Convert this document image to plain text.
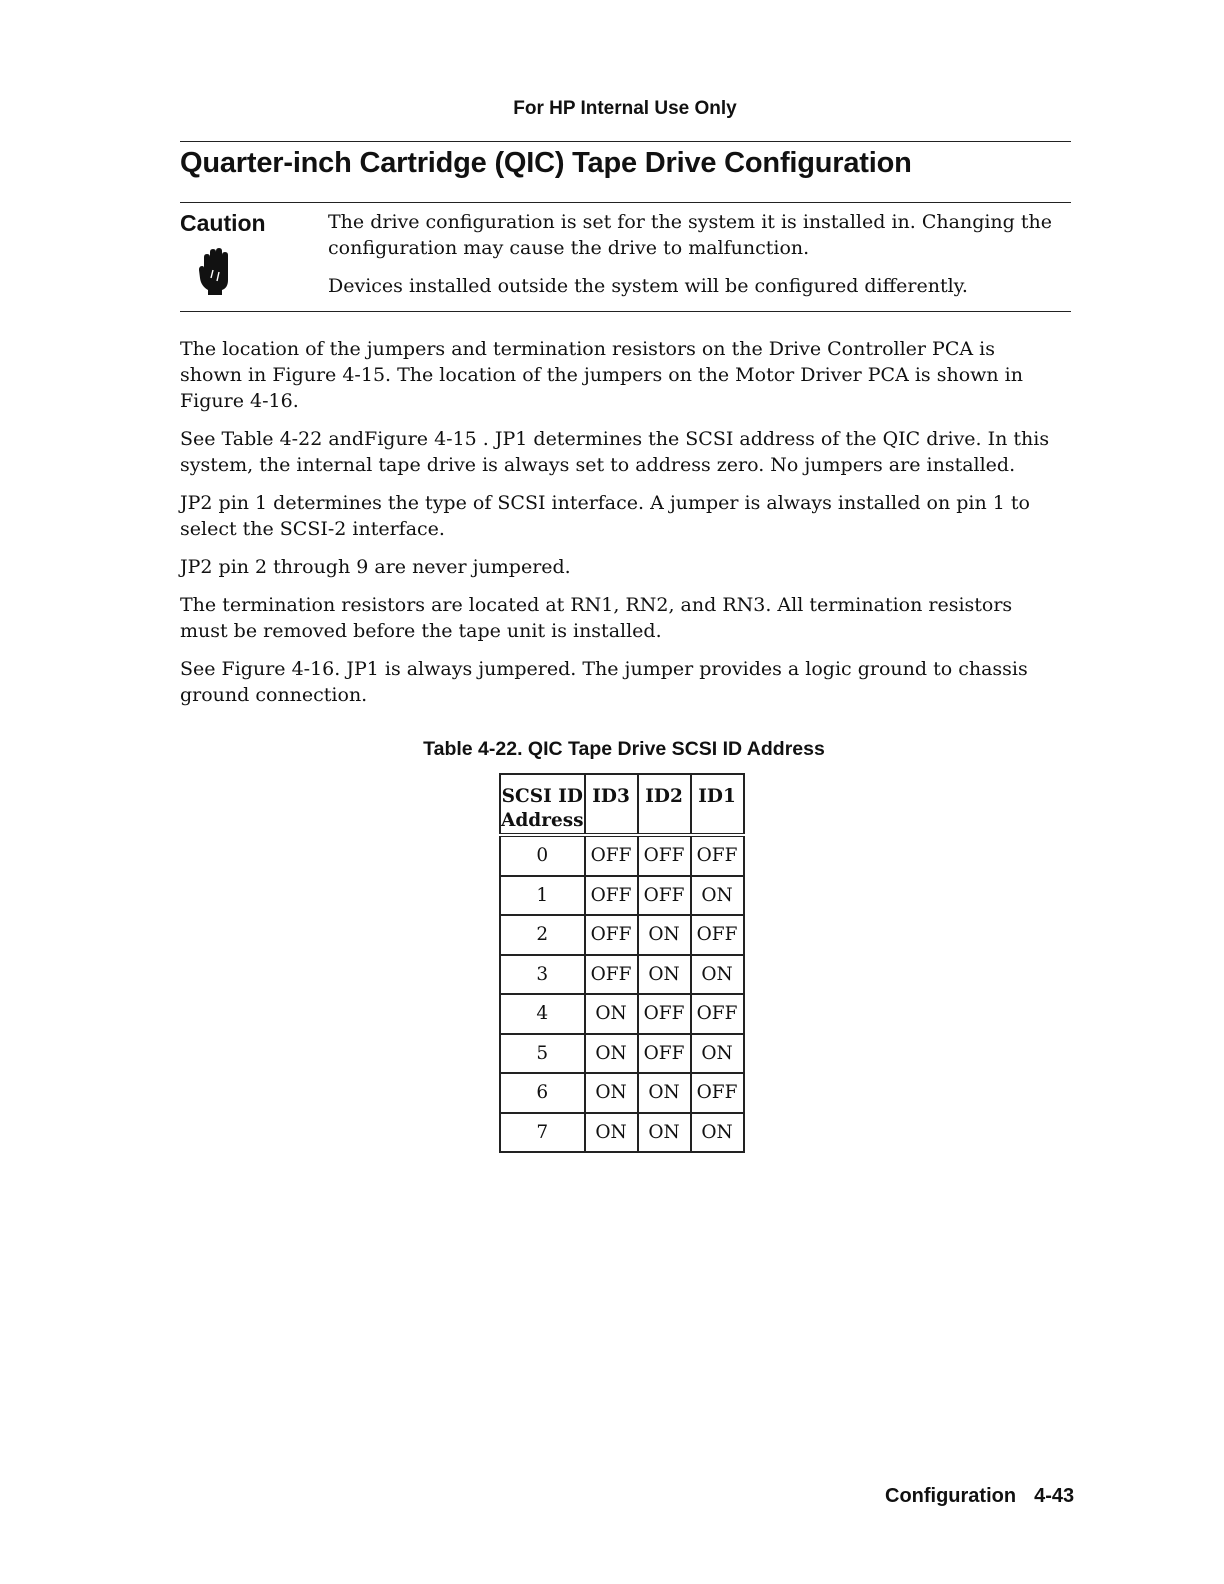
For HP Internal Use Only
Quarter-inch Cartridge (QIC) Tape Drive Configuration
Caution	The drive configuration is set for the system it is installed in. Changing the configuration may cause the drive to malfunction.

Devices installed outside the system will be configured differently.

The location of the jumpers and termination resistors on the Drive Controller PCA is shown in Figure 4-15. The location of the jumpers on the Motor Driver PCA is shown in Figure 4-16.

See Table 4-22 andFigure 4-15 . JP1 determines the SCSI address of the QIC drive. In this system, the internal tape drive is always set to address zero. No jumpers are installed.

JP2 pin 1 determines the type of SCSI interface. A jumper is always installed on pin 1 to select the SCSI-2 interface.

JP2 pin 2 through 9 are never jumpered.

The termination resistors are located at RN1, RN2, and RN3. All termination resistors must be removed before the tape unit is installed.

See Figure 4-16. JP1 is always jumpered. The jumper provides a logic ground to chassis ground connection.

Table 4-22. QIC Tape Drive SCSI ID Address
SCSI ID Address	ID3	ID2	ID1
0	OFF	OFF	OFF
1	OFF	OFF	ON
2	OFF	ON	OFF
3	OFF	ON	ON
4	ON	OFF	OFF
5	ON	OFF	ON
6	ON	ON	OFF
7	ON	ON	ON
Configuration 4-43
